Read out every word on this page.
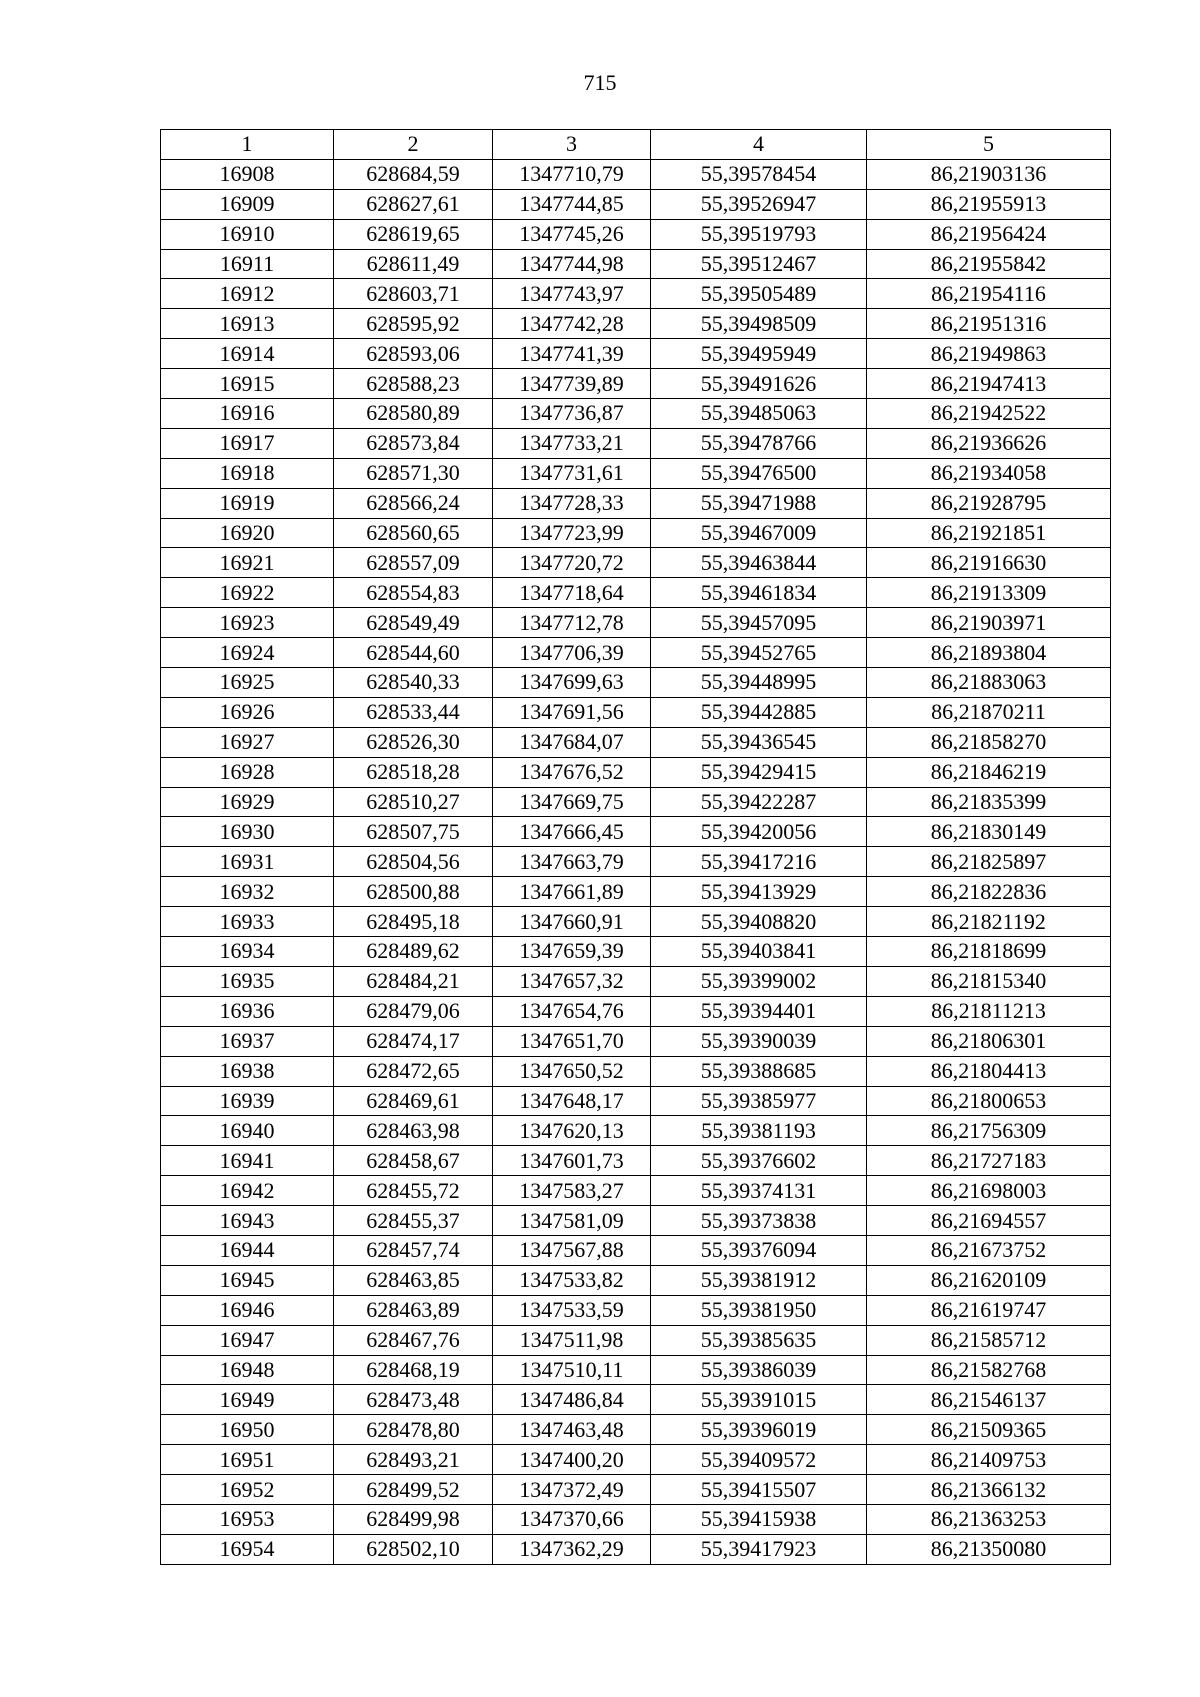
715
1	2	3	4	5
16908	628684,59	1347710,79	55,39578454	86,21903136
16909	628627,61	1347744,85	55,39526947	86,21955913
16910	628619,65	1347745,26	55,39519793	86,21956424
16911	628611,49	1347744,98	55,39512467	86,21955842
16912	628603,71	1347743,97	55,39505489	86,21954116
16913	628595,92	1347742,28	55,39498509	86,21951316
16914	628593,06	1347741,39	55,39495949	86,21949863
16915	628588,23	1347739,89	55,39491626	86,21947413
16916	628580,89	1347736,87	55,39485063	86,21942522
16917	628573,84	1347733,21	55,39478766	86,21936626
16918	628571,30	1347731,61	55,39476500	86,21934058
16919	628566,24	1347728,33	55,39471988	86,21928795
16920	628560,65	1347723,99	55,39467009	86,21921851
16921	628557,09	1347720,72	55,39463844	86,21916630
16922	628554,83	1347718,64	55,39461834	86,21913309
16923	628549,49	1347712,78	55,39457095	86,21903971
16924	628544,60	1347706,39	55,39452765	86,21893804
16925	628540,33	1347699,63	55,39448995	86,21883063
16926	628533,44	1347691,56	55,39442885	86,21870211
16927	628526,30	1347684,07	55,39436545	86,21858270
16928	628518,28	1347676,52	55,39429415	86,21846219
16929	628510,27	1347669,75	55,39422287	86,21835399
16930	628507,75	1347666,45	55,39420056	86,21830149
16931	628504,56	1347663,79	55,39417216	86,21825897
16932	628500,88	1347661,89	55,39413929	86,21822836
16933	628495,18	1347660,91	55,39408820	86,21821192
16934	628489,62	1347659,39	55,39403841	86,21818699
16935	628484,21	1347657,32	55,39399002	86,21815340
16936	628479,06	1347654,76	55,39394401	86,21811213
16937	628474,17	1347651,70	55,39390039	86,21806301
16938	628472,65	1347650,52	55,39388685	86,21804413
16939	628469,61	1347648,17	55,39385977	86,21800653
16940	628463,98	1347620,13	55,39381193	86,21756309
16941	628458,67	1347601,73	55,39376602	86,21727183
16942	628455,72	1347583,27	55,39374131	86,21698003
16943	628455,37	1347581,09	55,39373838	86,21694557
16944	628457,74	1347567,88	55,39376094	86,21673752
16945	628463,85	1347533,82	55,39381912	86,21620109
16946	628463,89	1347533,59	55,39381950	86,21619747
16947	628467,76	1347511,98	55,39385635	86,21585712
16948	628468,19	1347510,11	55,39386039	86,21582768
16949	628473,48	1347486,84	55,39391015	86,21546137
16950	628478,80	1347463,48	55,39396019	86,21509365
16951	628493,21	1347400,20	55,39409572	86,21409753
16952	628499,52	1347372,49	55,39415507	86,21366132
16953	628499,98	1347370,66	55,39415938	86,21363253
16954	628502,10	1347362,29	55,39417923	86,21350080
